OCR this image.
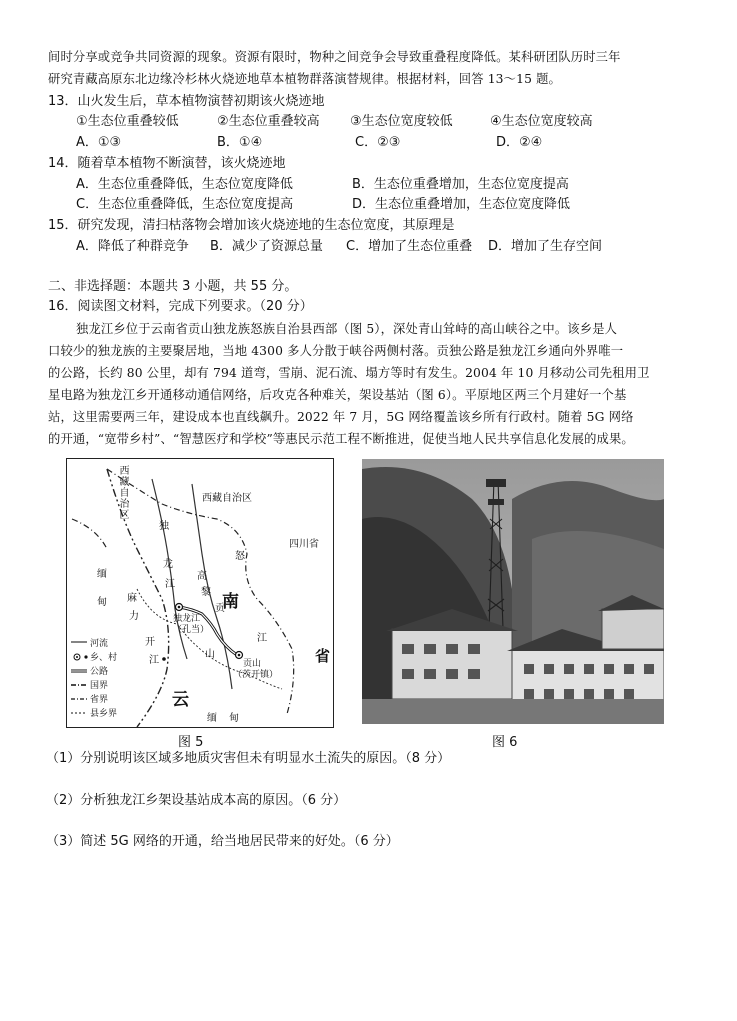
间时分享或竞争共同资源的现象。资源有限时，物种之间竞争会导致重叠程度降低。某科研团队历时三年
研究青藏高原东北边缘冷杉林火烧迹地草本植物群落演替规律。根据材料，回答 13～15 题。
13．山火发生后，草本植物演替初期该火烧迹地
①生态位重叠较低	②生态位重叠较高 ③生态位宽度较低	④生态位宽度较高
A．①③	B．①④	C．②③	D．②④
14．随着草本植物不断演替，该火烧迹地
A．生态位重叠降低，生态位宽度降低	B．生态位重叠增加，生态位宽度提高
C．生态位重叠降低，生态位宽度提高	D．生态位重叠增加，生态位宽度降低
15．研究发现，清扫枯落物会增加该火烧迹地的生态位宽度，其原理是
A．降低了种群竞争 B．减少了资源总量 C．增加了生态位重叠 D．增加了生存空间
二、非选择题：本题共 3 小题，共 55 分。
16．阅读图文材料，完成下列要求。（20 分）
独龙江乡位于云南省贡山独龙族怒族自治县西部（图 5），深处青山耸峙的高山峡谷之中。该乡是人
口较少的独龙族的主要聚居地，当地 4300 多人分散于峡谷两侧村落。贡独公路是独龙江乡通向外界唯一
的公路，长约 80 公里，却有 794 道弯，雪崩、泥石流、塌方等时有发生。2004 年 10 月移动公司先租用卫
星电路为独龙江乡开通移动通信网络，后攻克各种难关，架设基站（图 6）。平原地区两三个月建好一个基
站，这里需要两三年，建设成本也直线飙升。2022 年 7 月，5G 网络覆盖该乡所有行政村。随着 5G 网络
的开通，“宽带乡村”、“智慧医疗和学校”等惠民示范工程不断推进，促使当地人民共享信息化发展的成果。
西藏自治区
西藏自治区
四川省
怒
江
高
黎
贡
山
南
省
云
独龙江
（孔当）
贡山
（茨开镇）
缅
甸
缅 甸
独
龙
江
麻
力
开
江
河流
乡、村
公路
国界
省界
县乡界
图 5	图 6
（1）分别说明该区域多地质灾害但未有明显水土流失的原因。（8 分）
（2）分析独龙江乡架设基站成本高的原因。（6 分）
（3）简述 5G 网络的开通，给当地居民带来的好处。（6 分）
